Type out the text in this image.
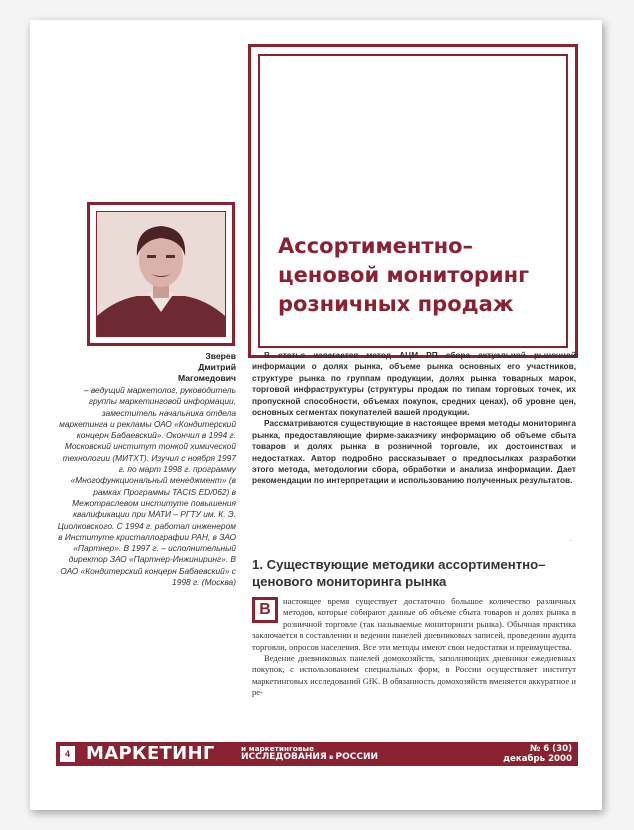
Ассортиментно–ценовой мониторинг розничных продаж
Зверев
Дмитрий
Магомедович
– ведущий маркетолог, руководитель группы маркетинговой информации, заместитель начальника отдела маркетинга и рекламы ОАО «Кондитерский концерн Бабаевский». Окончил в 1994 г. Московский институт тонкой химической технологии (МИТХТ). Изучил с ноября 1997 г. по март 1998 г. программу «Многофункциональный менеджмент» (в рамках Программы TACIS ED/062) в Межотраслевом институте повышения квалификации при МАТИ – РГТУ им. К. Э. Циолковского. С 1994 г. работал инженером в Институте кристаллографии РАН, в ЗАО «Партнер». В 1997 г. – исполнительный директор ЗАО «Партнер-Инжиниринг». В ОАО «Кондитерский концерн Бабаевский» с 1998 г. (Москва)

В статье излагается метод АЦМ РП сбора актуальной рыночной информации о долях рынка, объеме рынка основных его участников, структуре рынка по группам продукции, долях рынка товарных марок, торговой инфраструктуры (структуры продаж по типам торговых точек, их пропускной способности, объемах покупок, средних ценах), об уровне цен, основных сегментах покупателей вашей продукции.

Рассматриваются существующие в настоящее время методы мониторинга рынка, предоставляющие фирме-заказчику информацию об объеме сбыта товаров и долях рынка в розничной торговле, их достоинствах и недостатках. Автор подробно рассказывает о предпосылках разработки этого метода, методологии сбора, обработки и анализа информации. Дает рекомендации по интерпретации и использованию полученных результатов.

.
1. Существующие методики ассортиментно–ценового мониторинга рынка
В	настоящее время существует достаточно большое количество различных методов, которые собирают данные об объеме сбыта товаров и долях рынка в розничной торговле (так называемые мониторинги рынка). Обычная практика заключается в составлении и ведении панелей дневниковых записей, проведении аудита торговли, опросов населения. Все эти методы имеют свои недостатки и преимущества.

Ведение дневниковых панелей домохозяйств, заполняющих дневники ежедневных покупок, с использованием специальных форм, в России осуществляет институт маркетинговых исследований GfK. В обязанность домохозяйств вменяется аккуратное и ре-

4 МАРКЕТИНГ	и маркетинговые
ИССЛЕДОВАНИЯ в РОССИИ
№ 6 (30)
декабрь 2000
